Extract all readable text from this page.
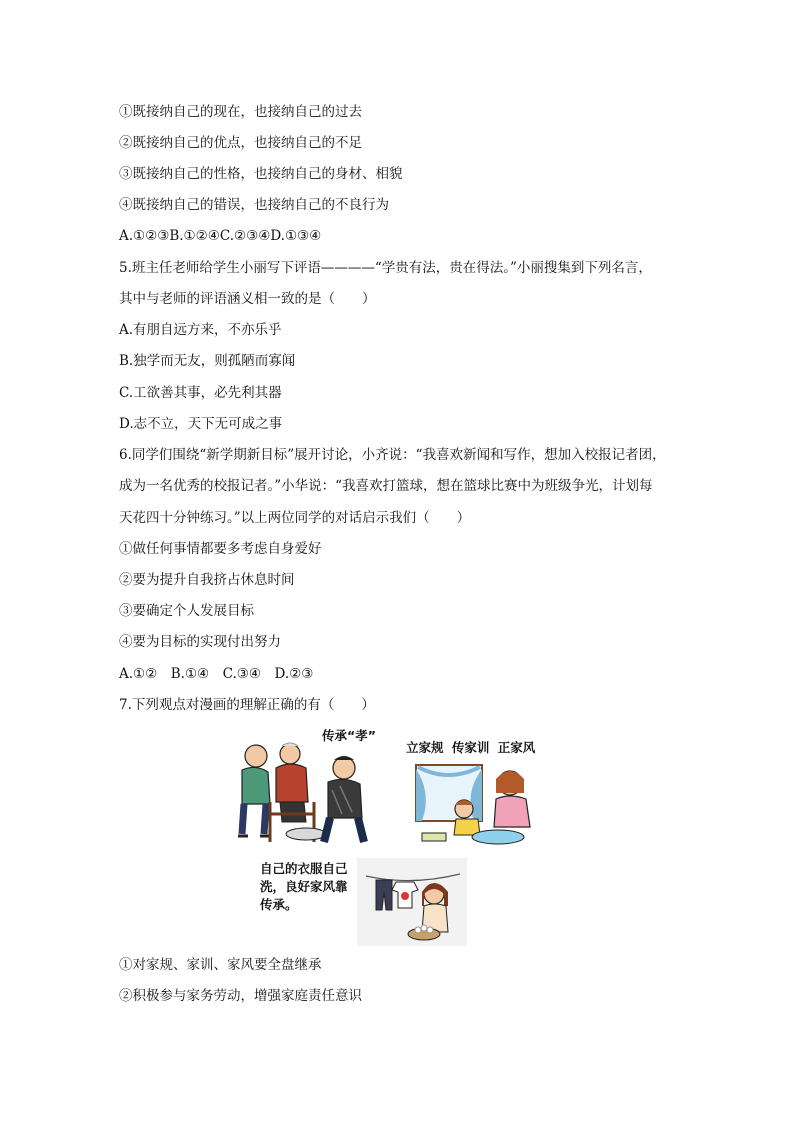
①既接纳自己的现在，也接纳自己的过去
②既接纳自己的优点，也接纳自己的不足
③既接纳自己的性格，也接纳自己的身材、相貌
④既接纳自己的错误，也接纳自己的不良行为
A.①②③B.①②④C.②③④D.①③④
5.班主任老师给学生小丽写下评语————“学贵有法，贵在得法。”小丽搜集到下列名言，
其中与老师的评语涵义相一致的是（　　）
A.有朋自远方来，不亦乐乎
B.独学而无友，则孤陋而寡闻
C.工欲善其事，必先利其器
D.志不立，天下无可成之事
6.同学们围绕“新学期新目标”展开讨论，小齐说：“我喜欢新闻和写作，想加入校报记者团，
成为一名优秀的校报记者。”小华说：“我喜欢打篮球，想在篮球比赛中为班级争光，计划每
天花四十分钟练习。”以上两位同学的对话启示我们（　　）
①做任何事情都要多考虑自身爱好
②要为提升自我挤占休息时间
③要确定个人发展目标
④要为目标的实现付出努力
A.①②　B.①④　C.③④　D.②③
7.下列观点对漫画的理解正确的有（　　）
①对家规、家训、家风要全盘继承
②积极参与家务劳动，增强家庭责任意识
传承“孝”
立家规 传家训 正家风
自己的衣服自己
洗，良好家风靠
传承。
